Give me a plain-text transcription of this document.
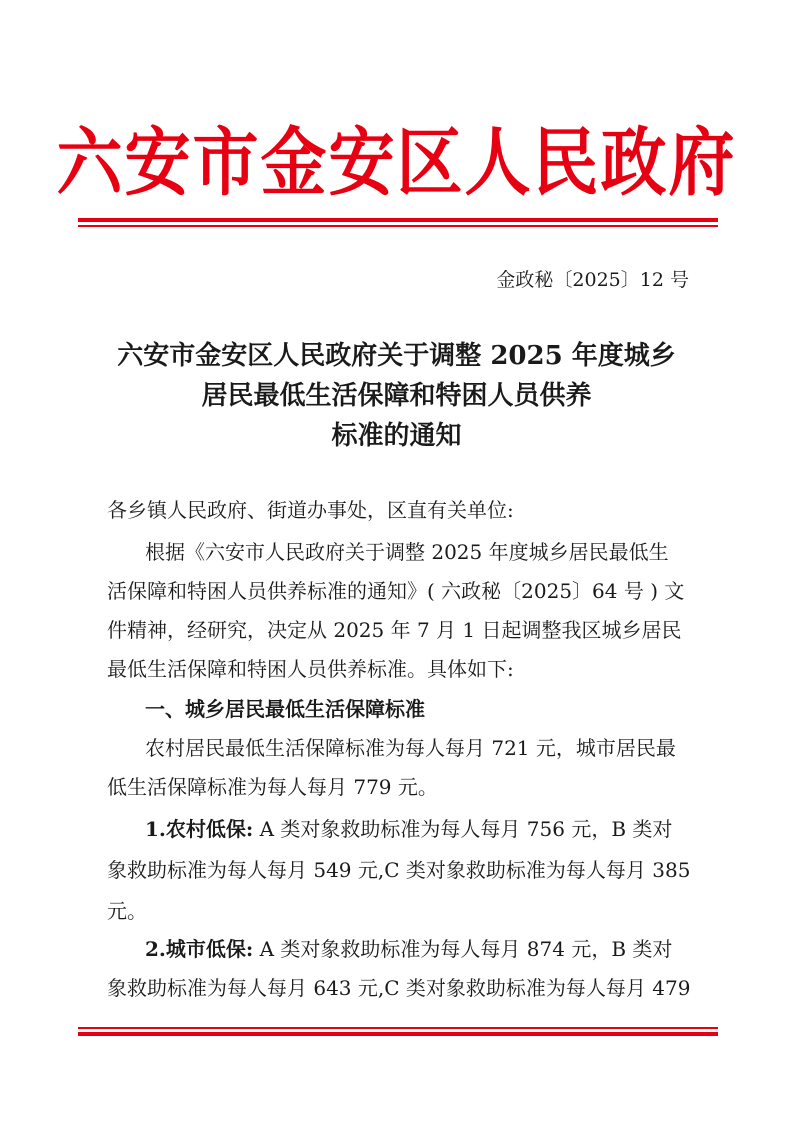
六安市金安区人民政府
金政秘〔2025〕12 号
六安市金安区人民政府关于调整 2025 年度城乡
居民最低生活保障和特困人员供养
标准的通知
各乡镇人民政府、街道办事处，区直有关单位:
根据《六安市人民政府关于调整 2025 年度城乡居民最低生
活保障和特困人员供养标准的通知》( 六政秘〔2025〕64 号 ) 文
件精神，经研究，决定从 2025 年 7 月 1 日起调整我区城乡居民
最低生活保障和特困人员供养标准。具体如下:
一、城乡居民最低生活保障标准
农村居民最低生活保障标准为每人每月 721 元，城市居民最
低生活保障标准为每人每月 779 元。
1.农村低保: A 类对象救助标准为每人每月 756 元，B 类对
象救助标准为每人每月 549 元,C 类对象救助标准为每人每月 385
元。
2.城市低保: A 类对象救助标准为每人每月 874 元，B 类对
象救助标准为每人每月 643 元,C 类对象救助标准为每人每月 479
